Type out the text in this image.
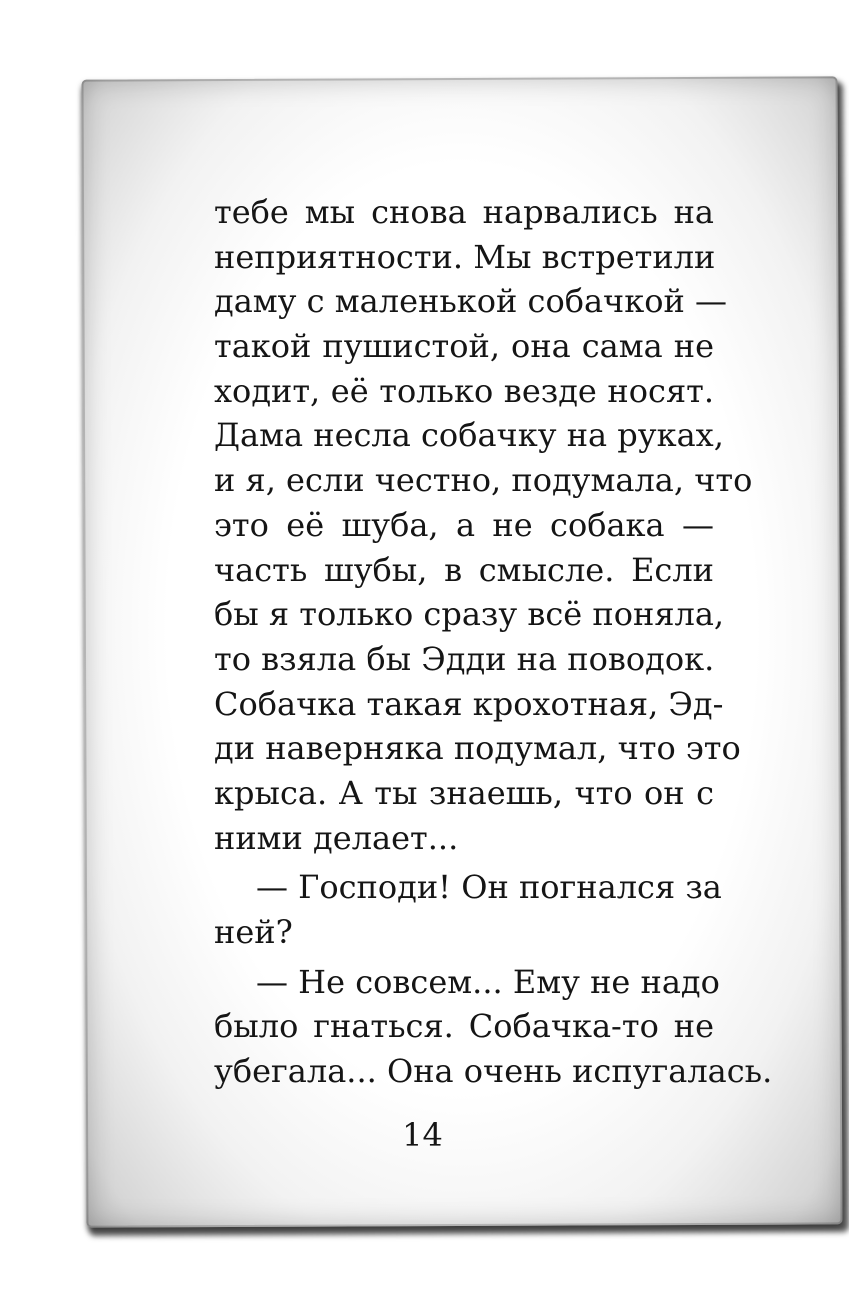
тебе мы снова нарвались на
неприятности. Мы встретили
даму с маленькой собачкой —
такой пушистой, она сама не
ходит, её только везде носят.
Дама несла собачку на руках,
и я, если честно, подумала, что
это её шуба, а не собака —
часть шубы, в смысле. Если
бы я только сразу всё поняла,
то взяла бы Эдди на поводок.
Собачка такая крохотная, Эд-
ди наверняка подумал, что это
крыса. А ты знаешь, что он с
ними делает...
— Господи! Он погнался за
ней?
— Не совсем... Ему не надо
было гнаться. Собачка-то не
убегала... Она очень испугалась.
14
